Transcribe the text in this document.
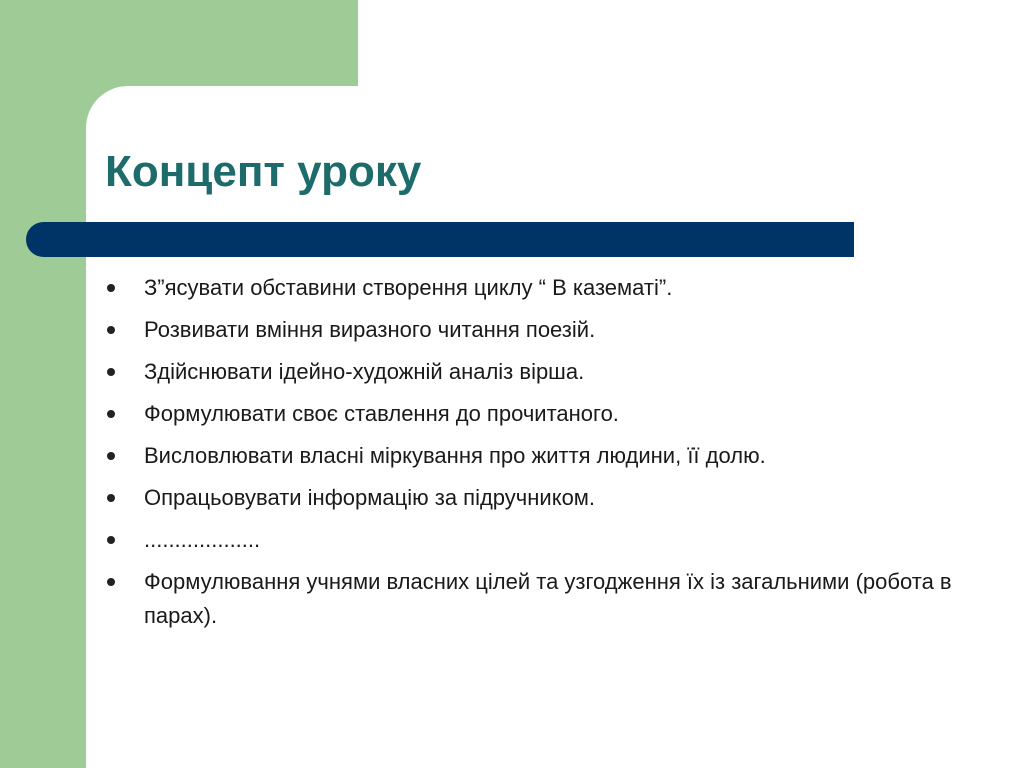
Концепт уроку
З”ясувати обставини створення циклу “ В казематі”.
Розвивати вміння виразного читання поезій.
Здійснювати ідейно-художній аналіз вірша.
Формулювати своє ставлення до прочитаного.
Висловлювати власні міркування про життя людини, її долю.
Опрацьовувати інформацію за підручником.
...................
Формулювання учнями власних цілей та узгодження їх із загальними (робота в парах).
